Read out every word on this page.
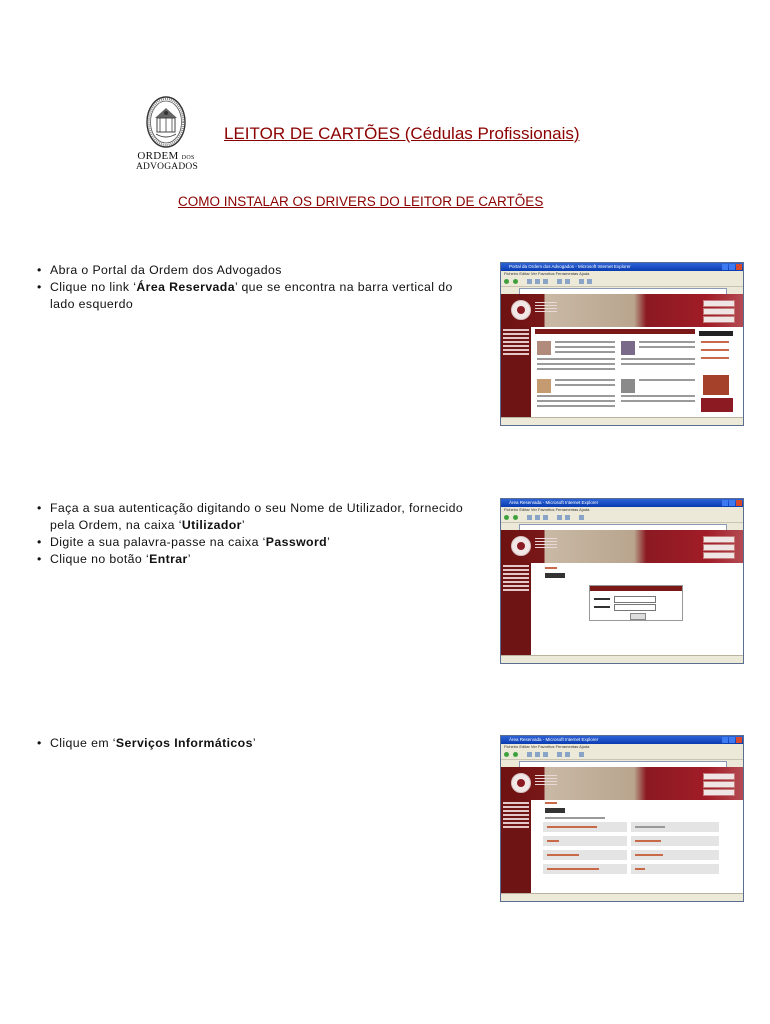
ORDEM DOS
ADVOGADOS
LEITOR DE CARTÕES (Cédulas Profissionais)
COMO INSTALAR OS DRIVERS DO LEITOR DE CARTÕES
• Abra o Portal da Ordem dos Advogados
• Clique no link ‘Área Reservada’ que se encontra na barra vertical do lado esquerdo
• Faça a sua autenticação digitando o seu Nome de Utilizador, fornecido pela Ordem, na caixa ‘Utilizador’
• Digite a sua palavra-passe na caixa ‘Password’
• Clique no botão ‘Entrar’
• Clique em ‘Serviços Informáticos’
Portal da Ordem dos Advogados - Microsoft Internet Explorer
Ficheiro Editar Ver Favoritos Ferramentas Ajuda
Área Reservada - Microsoft Internet Explorer
Ficheiro Editar Ver Favoritos Ferramentas Ajuda
Área Reservada - Microsoft Internet Explorer
Ficheiro Editar Ver Favoritos Ferramentas Ajuda
